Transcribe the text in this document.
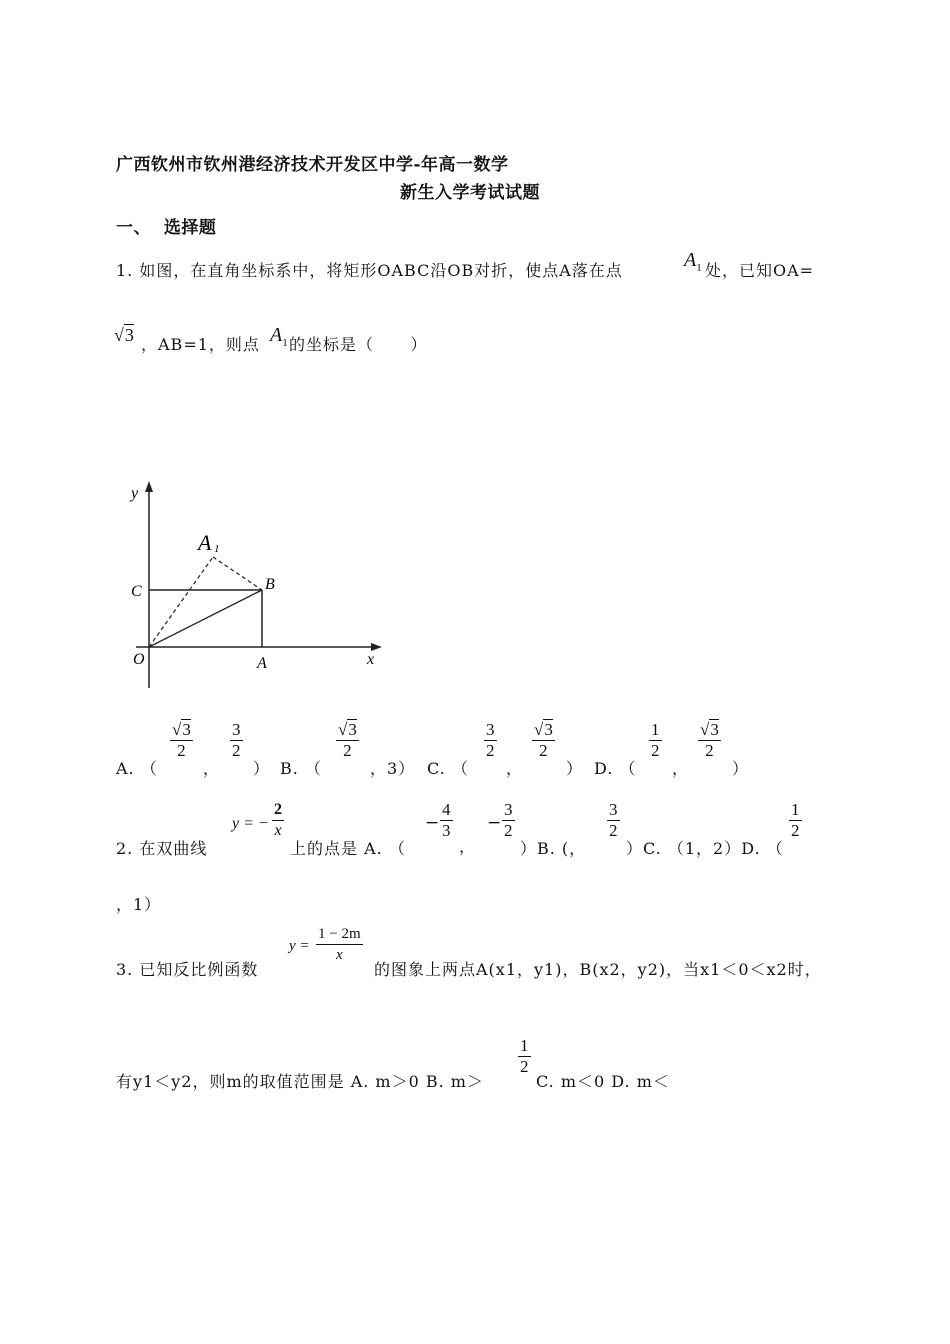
广西钦州市钦州港经济技术开发区中学-年高一数学
新生入学考试试题
一、  选择题
1. 如图，在直角坐标系中，将矩形OABC沿OB对折，使点A落在点	$A_1$ 处，已知OA=
√3 ，AB=1，则点 $A_1$ 的坐标是（      ）
y
x
O	A
B
C
A 1
A. （
$\frac{√3}{2}$
，
$\frac{3}{2}$
） B. （
$\frac{√3}{2}$
，3） C. （
$\frac{3}{2}$
，
$\frac{√3}{2}$
） D. （
$\frac{1}{2}$
，
$\frac{√3}{2}$
）
2. 在双曲线
y = − $\frac{2}{x}$
上的点是 A. （
− $\frac{4}{3}$
，
− $\frac{3}{2}$
）B. (，
$\frac{3}{2}$
）C. （1，2）D. （
$\frac{1}{2}$
，1）
3. 已知反比例函数
$y = \frac{1 - 2m}{x}$
的图象上两点A(x1，y1)，B(x2，y2)，当x1＜0＜x2时，
有y1＜y2，则m的取值范围是 A. m＞0 B. m＞
$\frac{1}{2}$
C. m＜0 D. m＜
